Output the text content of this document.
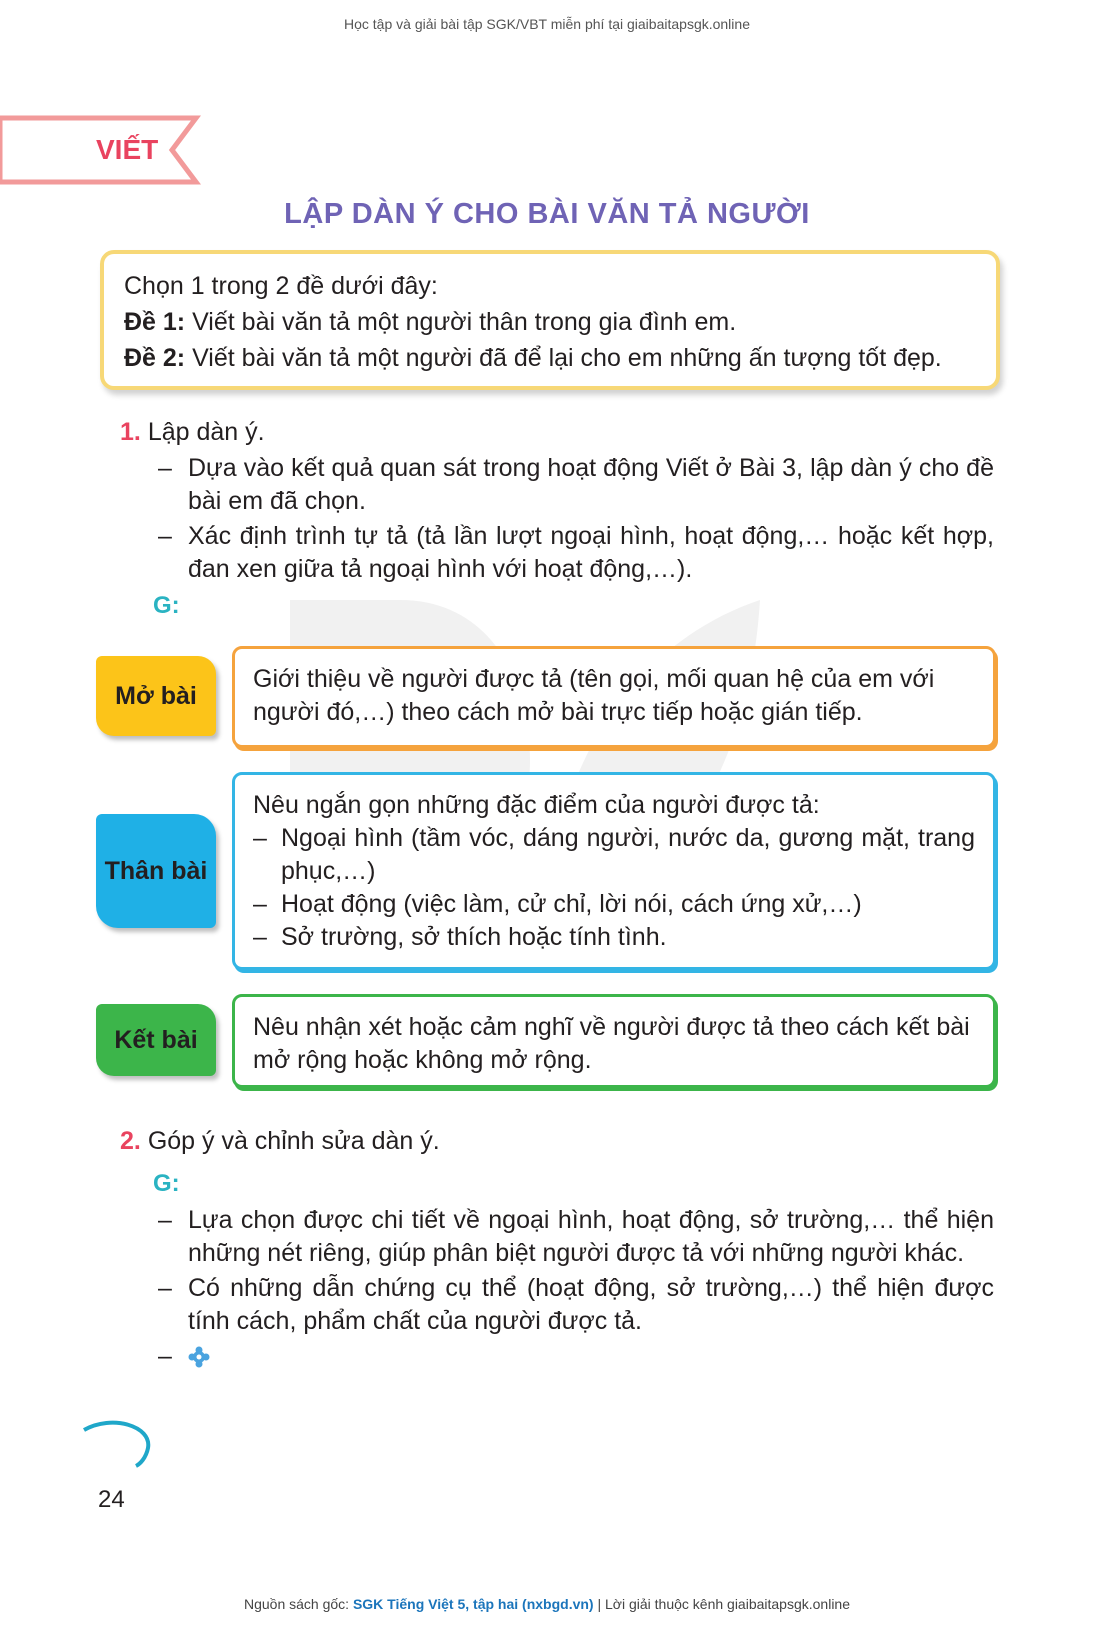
Học tập và giải bài tập SGK/VBT miễn phí tại giaibaitapsgk.online
VIẾT
LẬP DÀN Ý CHO BÀI VĂN TẢ NGƯỜI
Chọn 1 trong 2 đề dưới đây:
Đề 1: Viết bài văn tả một người thân trong gia đình em.
Đề 2: Viết bài văn tả một người đã để lại cho em những ấn tượng tốt đẹp.
1. Lập dàn ý.
– Dựa vào kết quả quan sát trong hoạt động Viết ở Bài 3, lập dàn ý cho đề bài em đã chọn.
– Xác định trình tự tả (tả lần lượt ngoại hình, hoạt động,… hoặc kết hợp, đan xen giữa tả ngoại hình với hoạt động,…).
G:
Mở bài
Giới thiệu về người được tả (tên gọi, mối quan hệ của em với người đó,…) theo cách mở bài trực tiếp hoặc gián tiếp.
Thân bài
Nêu ngắn gọn những đặc điểm của người được tả:
– Ngoại hình (tầm vóc, dáng người, nước da, gương mặt, trang phục,…)
– Hoạt động (việc làm, cử chỉ, lời nói, cách ứng xử,…)
– Sở trường, sở thích hoặc tính tình.
Kết bài	Nêu nhận xét hoặc cảm nghĩ về người được tả theo cách kết bài mở rộng hoặc không mở rộng.
2. Góp ý và chỉnh sửa dàn ý.
G:
– Lựa chọn được chi tiết về ngoại hình, hoạt động, sở trường,… thể hiện những nét riêng, giúp phân biệt người được tả với những người khác.
– Có những dẫn chứng cụ thể (hoạt động, sở trường,…) thể hiện được tính cách, phẩm chất của người được tả.
–
24
Nguồn sách gốc: SGK Tiếng Việt 5, tập hai (nxbgd.vn) | Lời giải thuộc kênh giaibaitapsgk.online
